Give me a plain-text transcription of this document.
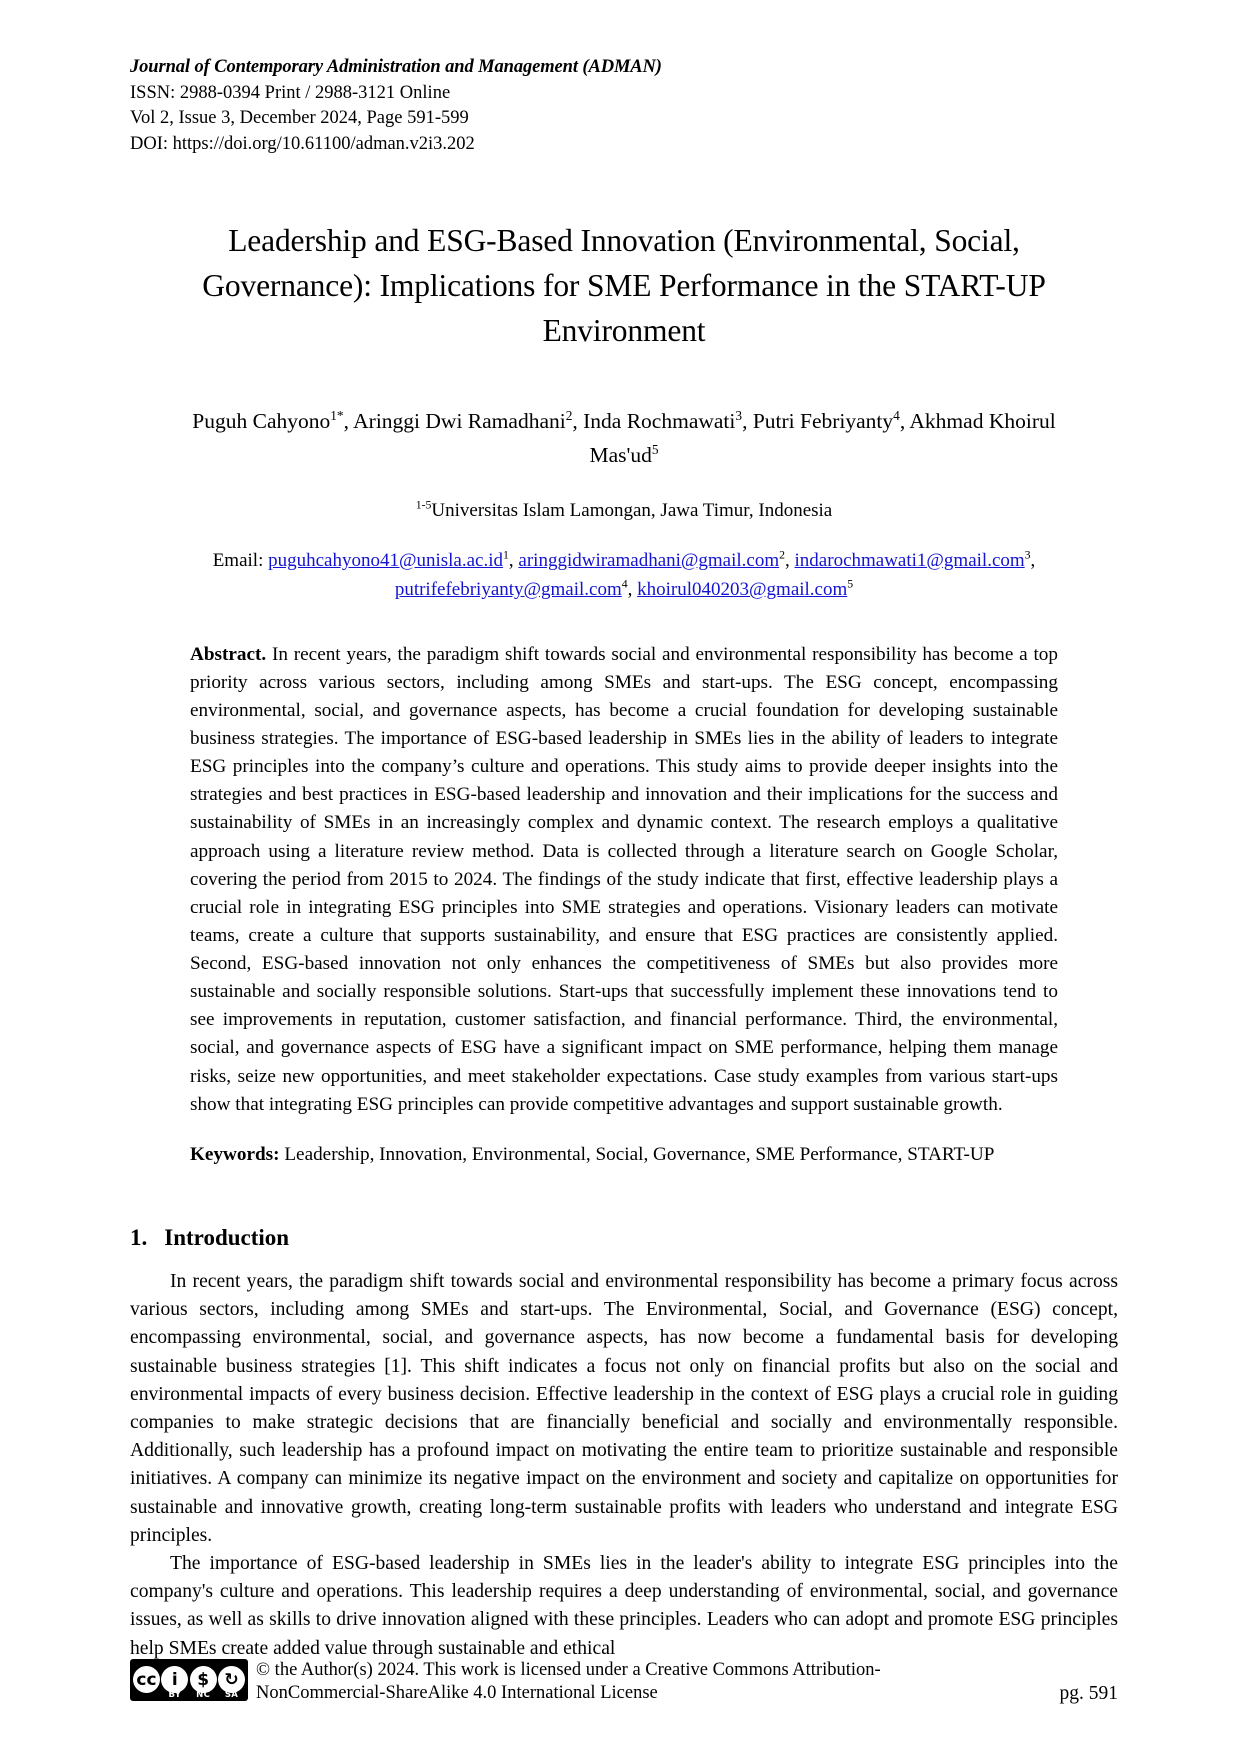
Journal of Contemporary Administration and Management (ADMAN)
ISSN: 2988-0394 Print / 2988-3121 Online
Vol 2, Issue 3, December 2024, Page 591-599
DOI: https://doi.org/10.61100/adman.v2i3.202
Leadership and ESG-Based Innovation (Environmental, Social, Governance): Implications for SME Performance in the START-UP Environment
Puguh Cahyono$^{1*}$, Aringgi Dwi Ramadhani$^2$, Inda Rochmawati$^3$, Putri Febriyanty$^4$, Akhmad Khoirul $Mas'ud^5$
$^{1-5}$Universitas Islam Lamongan, Jawa Timur, Indonesia
Email: $puguhcahyono41@unisla.ac.id^1$, aringgidwiramadhani@gmail.com$^2$, indarochmawati1@gmail.com$^3$, putrifefebriyanty@gmail.com$^4$, khoirul040203@gmail.com$^5$

Abstract. In recent years, the paradigm shift towards social and environmental responsibility has become a top priority across various sectors, including among SMEs and start-ups. The ESG concept, encompassing environmental, social, and governance aspects, has become a crucial foundation for developing sustainable business strategies. The importance of ESG-based leadership in SMEs lies in the ability of leaders to integrate ESG principles into the company’s culture and operations. This study aims to provide deeper insights into the strategies and best practices in ESG-based leadership and innovation and their implications for the success and sustainability of SMEs in an increasingly complex and dynamic context. The research employs a qualitative approach using a literature review method. Data is collected through a literature search on Google Scholar, covering the period from 2015 to 2024. The findings of the study indicate that first, effective leadership plays a crucial role in integrating ESG principles into SME strategies and operations. Visionary leaders can motivate teams, create a culture that supports sustainability, and ensure that ESG practices are consistently applied. Second, ESG-based innovation not only enhances the competitiveness of SMEs but also provides more sustainable and socially responsible solutions. Start-ups that successfully implement these innovations tend to see improvements in reputation, customer satisfaction, and financial performance. Third, the environmental, social, and governance aspects of ESG have a significant impact on SME performance, helping them manage risks, seize new opportunities, and meet stakeholder expectations. Case study examples from various start-ups show that integrating ESG principles can provide competitive advantages and support sustainable growth.

Keywords: Leadership, Innovation, Environmental, Social, Governance, SME Performance, START-UP
1. Introduction
In recent years, the paradigm shift towards social and environmental responsibility has become a primary focus across various sectors, including among SMEs and start-ups. The Environmental, Social, and Governance (ESG) concept, encompassing environmental, social, and governance aspects, has now become a fundamental basis for developing sustainable business strategies [1]. This shift indicates a focus not only on financial profits but also on the social and environmental impacts of every business decision. Effective leadership in the context of ESG plays a crucial role in guiding companies to make strategic decisions that are financially beneficial and socially and environmentally responsible. Additionally, such leadership has a profound impact on motivating the entire team to prioritize sustainable and responsible initiatives. A company can minimize its negative impact on the environment and society and capitalize on opportunities for sustainable and innovative growth, creating long-term sustainable profits with leaders who understand and integrate ESG principles.
The importance of ESG-based leadership in SMEs lies in the leader's ability to integrate ESG principles into the company's culture and operations. This leadership requires a deep understanding of environmental, social, and governance issues, as well as skills to drive innovation aligned with these principles. Leaders who can adopt and promote ESG principles help SMEs create added value through sustainable and ethical
cc i	$ ↻
BY	NC	SA
© the Author(s) 2024. This work is licensed under a Creative Commons Attribution-
NonCommercial-ShareAlike 4.0 International License	pg. 591
